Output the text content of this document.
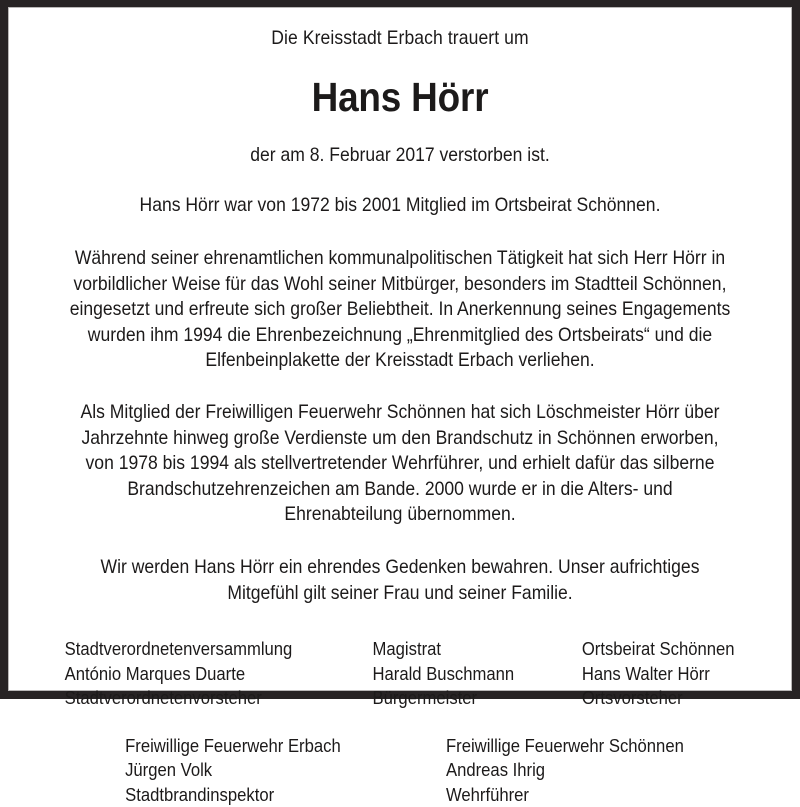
Die Kreisstadt Erbach trauert um
Hans Hörr
der am 8. Februar 2017 verstorben ist.
Hans Hörr war von 1972 bis 2001 Mitglied im Ortsbeirat Schönnen.

Während seiner ehrenamtlichen kommunalpolitischen Tätigkeit hat sich Herr Hörr in vorbildlicher Weise für das Wohl seiner Mitbürger, besonders im Stadtteil Schönnen, eingesetzt und erfreute sich großer Beliebtheit. In Anerkennung seines Engagements wurden ihm 1994 die Ehrenbezeichnung „Ehrenmitglied des Ortsbeirats“ und die Elfenbeinplakette der Kreisstadt Erbach verliehen.

Als Mitglied der Freiwilligen Feuerwehr Schönnen hat sich Löschmeister Hörr über Jahrzehnte hinweg große Verdienste um den Brandschutz in Schönnen erworben, von 1978 bis 1994 als stellvertretender Wehrführer, und erhielt dafür das silberne Brandschutzehrenzeichen am Bande. 2000 wurde er in die Alters- und Ehrenabteilung übernommen.

Wir werden Hans Hörr ein ehrendes Gedenken bewahren. Unser aufrichtiges Mitgefühl gilt seiner Frau und seiner Familie.

Stadtverordnetenversammlung
António Marques Duarte
Stadtverordnetenvorsteher
Magistrat
Harald Buschmann
Bürgermeister
Ortsbeirat Schönnen
Hans Walter Hörr
Ortsvorsteher
Freiwillige Feuerwehr Erbach
Jürgen Volk
Stadtbrandinspektor
Freiwillige Feuerwehr Schönnen
Andreas Ihrig
Wehrführer
